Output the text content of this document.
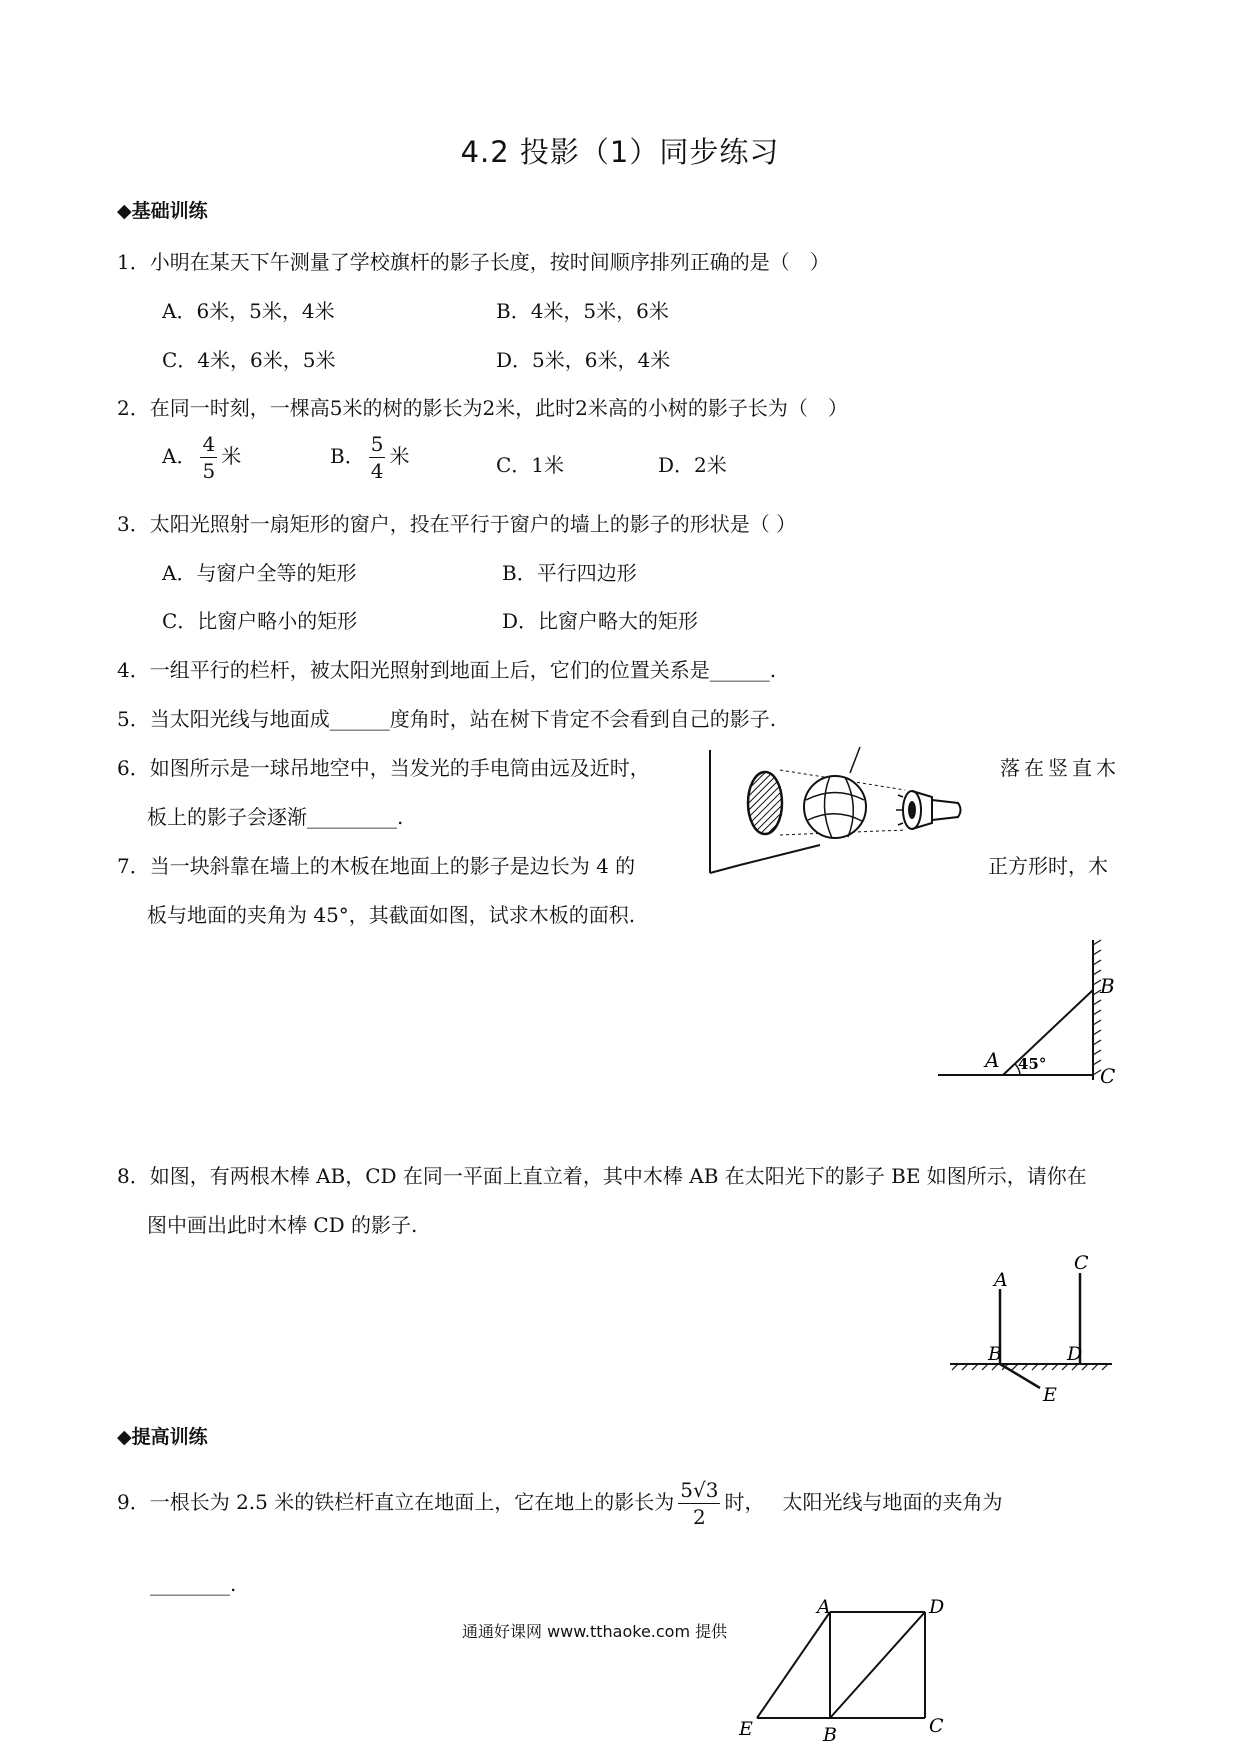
4.2 投影（1）同步练习
◆基础训练
1．小明在某天下午测量了学校旗杆的影子长度，按时间顺序排列正确的是（　）
A．6米，5米，4米	B．4米，5米，6米
C．4米，6米，5米	D．5米，6米，4米
2．在同一时刻，一棵高5米的树的影长为2米，此时2米高的小树的影子长为（　）
A． $\frac{4}{5}$ 米	B． $\frac{5}{4}$ 米	C．1米	D．2米
3．太阳光照射一扇矩形的窗户，投在平行于窗户的墙上的影子的形状是（ ）
A．与窗户全等的矩形	B．平行四边形
C．比窗户略小的矩形	D．比窗户略大的矩形
4．一组平行的栏杆，被太阳光照射到地面上后，它们的位置关系是______.
5．当太阳光线与地面成______度角时，站在树下肯定不会看到自己的影子.
6．如图所示是一球吊地空中，当发光的手电筒由远及近时，	落在竖直木
板上的影子会逐渐_________.
7．当一块斜靠在墙上的木板在地面上的影子是边长为 4 的	正方形时，木
板与地面的夹角为 45°，其截面如图，试求木板的面积.
A
B
C
45°
8．如图，有两根木棒 AB，CD 在同一平面上直立着，其中木棒 AB 在太阳光下的影子 BE 如图所示，请你在
图中画出此时木棒 CD 的影子.
A
B
C
D
E
◆提高训练
9．一根长为 2.5 米的铁栏杆直立在地面上，它在地上的影长为 $\frac{5√3}{2}$ 时， 太阳光线与地面的夹角为
________.
A	D
E	B	C
通通好课网 www.tthaoke.com 提供
